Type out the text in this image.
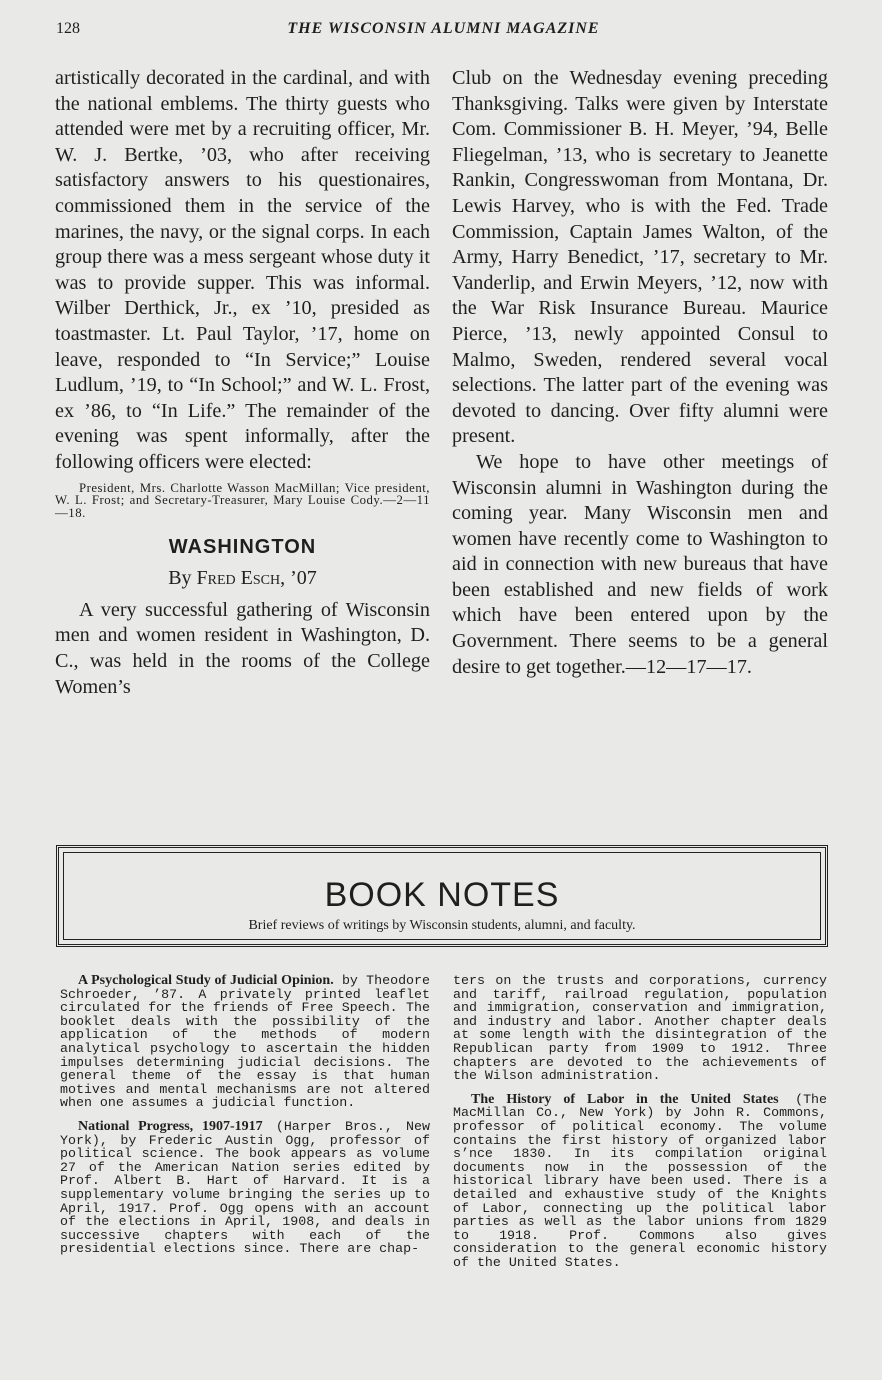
128	THE WISCONSIN ALUMNI MAGAZINE

artistically decorated in the cardinal, and with the national emblems. The thirty guests who attended were met by a recruiting officer, Mr. W. J. Bertke, ’03, who after receiving satisfactory answers to his questionaires, commissioned them in the service of the marines, the navy, or the signal corps. In each group there was a mess sergeant whose duty it was to provide supper. This was informal. Wilber Derthick, Jr., ex ’10, presided as toastmaster. Lt. Paul Taylor, ’17, home on leave, responded to “In Service;” Louise Ludlum, ’19, to “In School;” and W. L. Frost, ex ’86, to “In Life.” The remainder of the evening was spent informally, after the following officers were elected:

President, Mrs. Charlotte Wasson MacMillan; Vice president, W. L. Frost; and Secretary-Treasurer, Mary Louise Cody.—2—11—18.

WASHINGTON
By Fred Esch, ’07

A very successful gathering of Wisconsin men and women resident in Washington, D. C., was held in the rooms of the College Women’s

Club on the Wednesday evening preceding Thanksgiving. Talks were given by Interstate Com. Commissioner B. H. Meyer, ’94, Belle Fliegelman, ’13, who is secretary to Jeanette Rankin, Congresswoman from Montana, Dr. Lewis Harvey, who is with the Fed. Trade Commission, Captain James Walton, of the Army, Harry Benedict, ’17, secretary to Mr. Vanderlip, and Erwin Meyers, ’12, now with the War Risk Insurance Bureau. Maurice Pierce, ’13, newly appointed Consul to Malmo, Sweden, rendered several vocal selections. The latter part of the evening was devoted to dancing. Over fifty alumni were present.

We hope to have other meetings of Wisconsin alumni in Washington during the coming year. Many Wisconsin men and women have recently come to Washington to aid in connection with new bureaus that have been established and new fields of work which have been entered upon by the Government. There seems to be a general desire to get together.—12—17—17.

BOOK NOTES
Brief reviews of writings by Wisconsin students, alumni, and faculty.

A Psychological Study of Judicial Opinion. by Theodore Schroeder, ’87. A privately printed leaflet circulated for the friends of Free Speech. The booklet deals with the possibility of the application of the methods of modern analytical psychology to ascertain the hidden impulses determining judicial decisions. The general theme of the essay is that human motives and mental mechanisms are not altered when one assumes a judicial function.

National Progress, 1907-1917 (Harper Bros., New York), by Frederic Austin Ogg, professor of political science. The book appears as volume 27 of the American Nation series edited by Prof. Albert B. Hart of Harvard. It is a supplementary volume bringing the series up to April, 1917. Prof. Ogg opens with an account of the elections in April, 1908, and deals in successive chapters with each of the presidential elections since. There are chap-

ters on the trusts and corporations, currency and tariff, railroad regulation, population and immigration, conservation and immigration, and industry and labor. Another chapter deals at some length with the disintegration of the Republican party from 1909 to 1912. Three chapters are devoted to the achievements of the Wilson administration.

The History of Labor in the United States (The MacMillan Co., New York) by John R. Commons, professor of political economy. The volume contains the first history of organized labor s’nce 1830. In its compilation original documents now in the possession of the historical library have been used. There is a detailed and exhaustive study of the Knights of Labor, connecting up the political labor parties as well as the labor unions from 1829 to 1918. Prof. Commons also gives consideration to the general economic history of the United States.
